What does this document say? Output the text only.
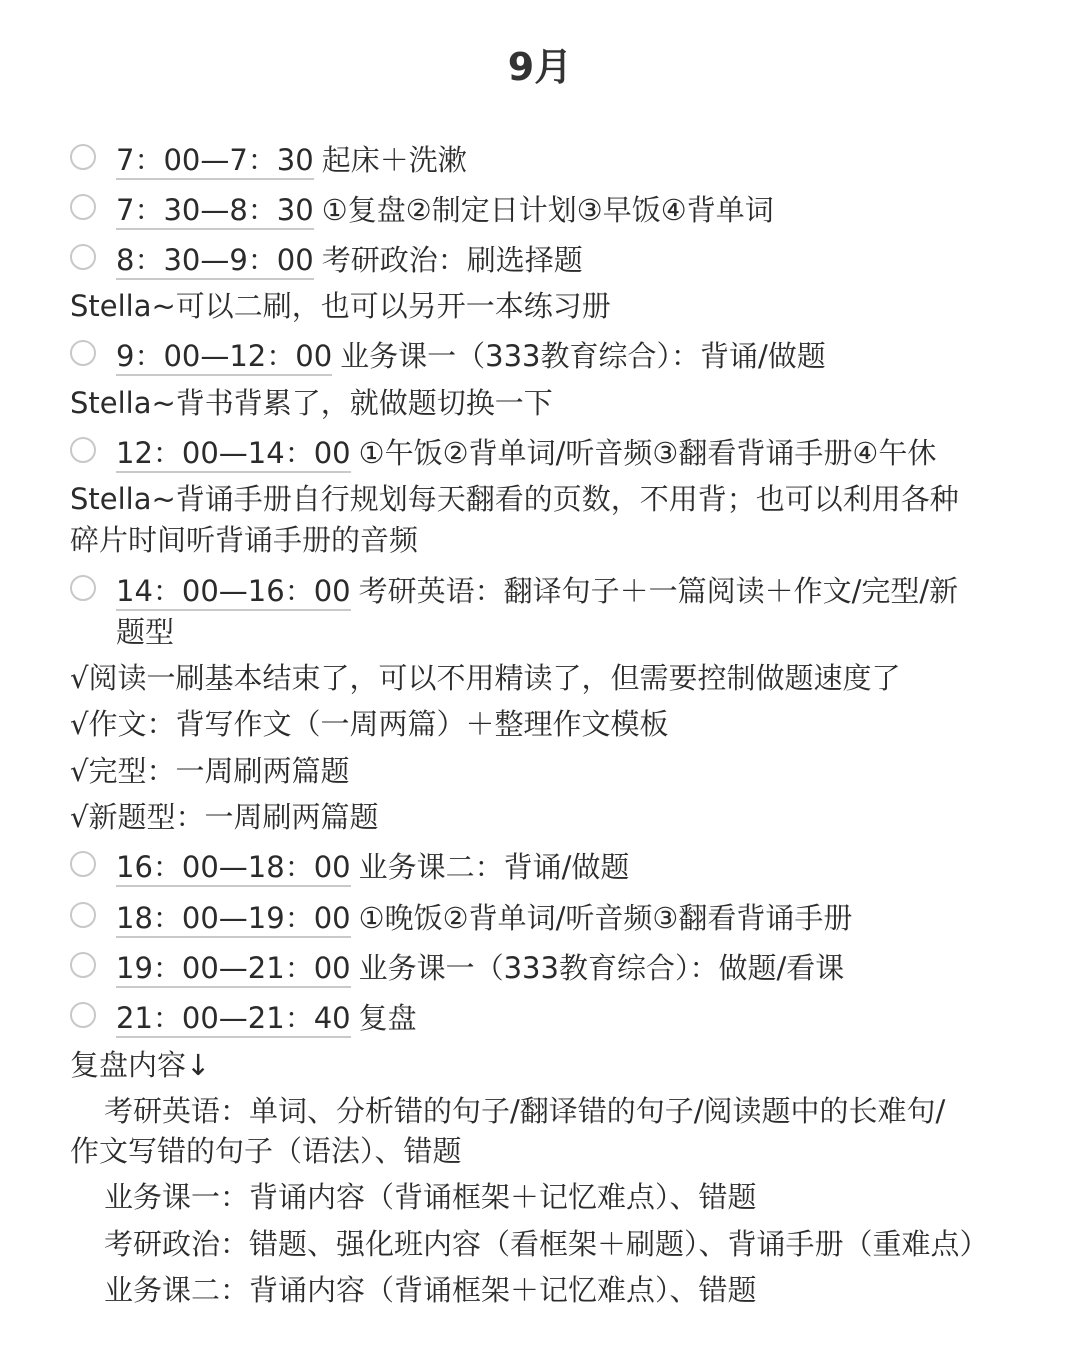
9月
7：00—7：30 起床＋洗漱
7：30—8：30 ①复盘②制定日计划③早饭④背单词
8：30—9：00 考研政治：刷选择题
Stella~可以二刷，也可以另开一本练习册
9：00—12：00 业务课一（333教育综合）：背诵/做题
Stella~背书背累了，就做题切换一下
12：00—14：00 ①午饭②背单词/听音频③翻看背诵手册④午休
Stella~背诵手册自行规划每天翻看的页数，不用背；也可以利用各种
碎片时间听背诵手册的音频
14：00—16：00 考研英语：翻译句子＋一篇阅读＋作文/完型/新
题型
√阅读一刷基本结束了，可以不用精读了，但需要控制做题速度了
√作文：背写作文（一周两篇）＋整理作文模板
√完型：一周刷两篇题
√新题型：一周刷两篇题
16：00—18：00 业务课二：背诵/做题
18：00—19：00 ①晚饭②背单词/听音频③翻看背诵手册
19：00—21：00 业务课一（333教育综合）：做题/看课
21：00—21：40 复盘
复盘内容↓
考研英语：单词、分析错的句子/翻译错的句子/阅读题中的长难句/
作文写错的句子（语法）、错题
业务课一：背诵内容（背诵框架＋记忆难点）、错题
考研政治：错题、强化班内容（看框架＋刷题）、背诵手册（重难点）
业务课二：背诵内容（背诵框架＋记忆难点）、错题
